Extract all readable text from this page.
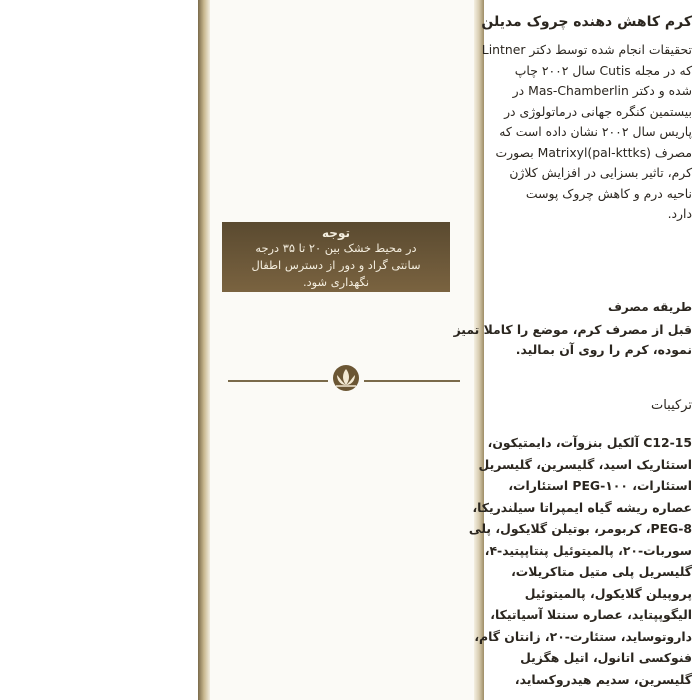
کرم کاهش دهنده چروک مدیلن
تحقیقات انجام شده توسط دکتر Lintner
که در مجله Cutis سال ۲۰۰۲ چاپ
شده و دکتر Mas-Chamberlin در
بیستمین کنگره جهانی درماتولوژی در
پاریس سال ۲۰۰۲ نشان داده است که
مصرف (Matrixyl(pal-kttks بصورت
کرم، تاثیر بسزایی در افزایش کلاژن
ناحیه درم و کاهش چروک پوست
دارد.
توجه
در محیط خشک بین ۲۰ تا ۳۵ درجه
سانتی گراد و دور از دسترس اطفال
نگهداری شود.
طریقه مصرف
قبل از مصرف کرم، موضع را کاملا تمیز
نموده، کرم را روی آن بمالید.
ترکیبات
C12-15 آلکیل بنزوآت، دایمتیکون،
استئاریک اسید، گلیسرین، گلیسریل
استئارات، PEG-۱۰۰ استئارات،
عصاره ریشه گیاه ایمپراتا سیلندریکا،
PEG-8، کربومر، بوتیلن گلایکول، پلی
سوربات-۲۰، پالمیتوئیل پنتاپپتید-۴،
گلیسریل پلی متیل متاکریلات،
پروپیلن گلایکول، پالمیتوئیل
الیگوپپتاید، عصاره سنتلا آسیاتیکا،
داروتوساید، ستئارت-۲۰، زانتان گام،
فنوکسی اتانول، اتیل هگزیل
گلیسرین، سدیم هیدروکساید،
